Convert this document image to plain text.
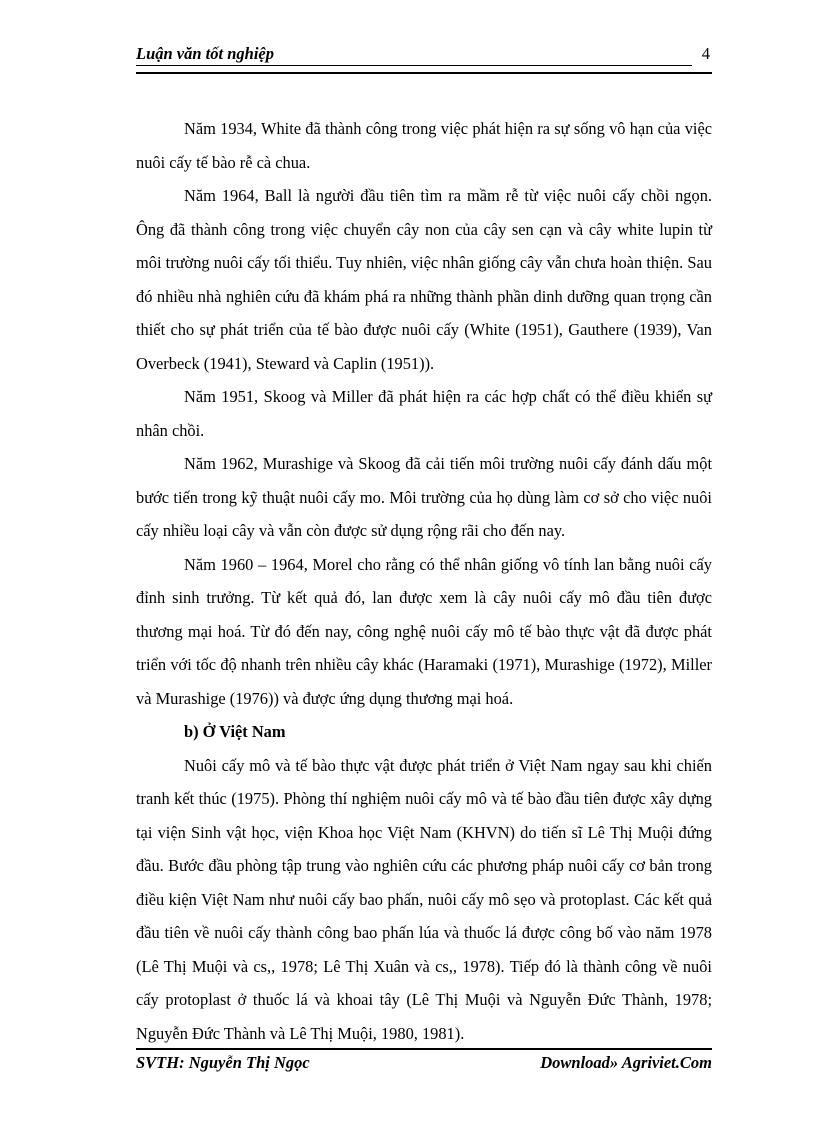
Luận văn tốt nghiệp	4

Năm 1934, White đã thành công trong việc phát hiện ra sự sống vô hạn của việc nuôi cấy tế bào rễ cà chua.

Năm 1964, Ball là người đầu tiên tìm ra mầm rễ từ việc nuôi cấy chồi ngọn. Ông đã thành công trong việc chuyển cây non của cây sen cạn và cây white lupin từ môi trường nuôi cấy tối thiểu. Tuy nhiên, việc nhân giống cây vẫn chưa hoàn thiện. Sau đó nhiều nhà nghiên cứu đã khám phá ra những thành phần dinh dưỡng quan trọng cần thiết cho sự phát triển của tế bào được nuôi cấy (White (1951), Gauthere (1939), Van Overbeck (1941), Steward và Caplin (1951)).

Năm 1951, Skoog và Miller đã phát hiện ra các hợp chất có thể điều khiển sự nhân chồi.

Năm 1962, Murashige và Skoog đã cải tiến môi trường nuôi cấy đánh dấu một bước tiến trong kỹ thuật nuôi cấy mo. Môi trường của họ dùng làm cơ sở cho việc nuôi cấy nhiều loại cây và vẫn còn được sử dụng rộng rãi cho đến nay.

Năm 1960 – 1964, Morel cho rằng có thể nhân giống vô tính lan bằng nuôi cấy đỉnh sinh trưởng. Từ kết quả đó, lan được xem là cây nuôi cấy mô đầu tiên được thương mại hoá. Từ đó đến nay, công nghệ nuôi cấy mô tế bào thực vật đã được phát triển với tốc độ nhanh trên nhiều cây khác (Haramaki (1971), Murashige (1972), Miller và Murashige (1976)) và được ứng dụng thương mại hoá.

b) Ở Việt Nam

Nuôi cấy mô và tế bào thực vật được phát triển ở Việt Nam ngay sau khi chiến tranh kết thúc (1975). Phòng thí nghiệm nuôi cấy mô và tế bào đầu tiên được xây dựng tại viện Sinh vật học, viện Khoa học Việt Nam (KHVN) do tiến sĩ Lê Thị Muội đứng đầu. Bước đầu phòng tập trung vào nghiên cứu các phương pháp nuôi cấy cơ bản trong điều kiện Việt Nam như nuôi cấy bao phấn, nuôi cấy mô sẹo và protoplast. Các kết quả đầu tiên về nuôi cấy thành công bao phấn lúa và thuốc lá được công bố vào năm 1978 (Lê Thị Muội và cs,, 1978; Lê Thị Xuân và cs,, 1978). Tiếp đó là thành công về nuôi cấy protoplast ở thuốc lá và khoai tây (Lê Thị Muội và Nguyễn Đức Thành, 1978; Nguyễn Đức Thành và Lê Thị Muội, 1980, 1981).

SVTH: Nguyễn Thị Ngọc	Download» Agriviet.Com
